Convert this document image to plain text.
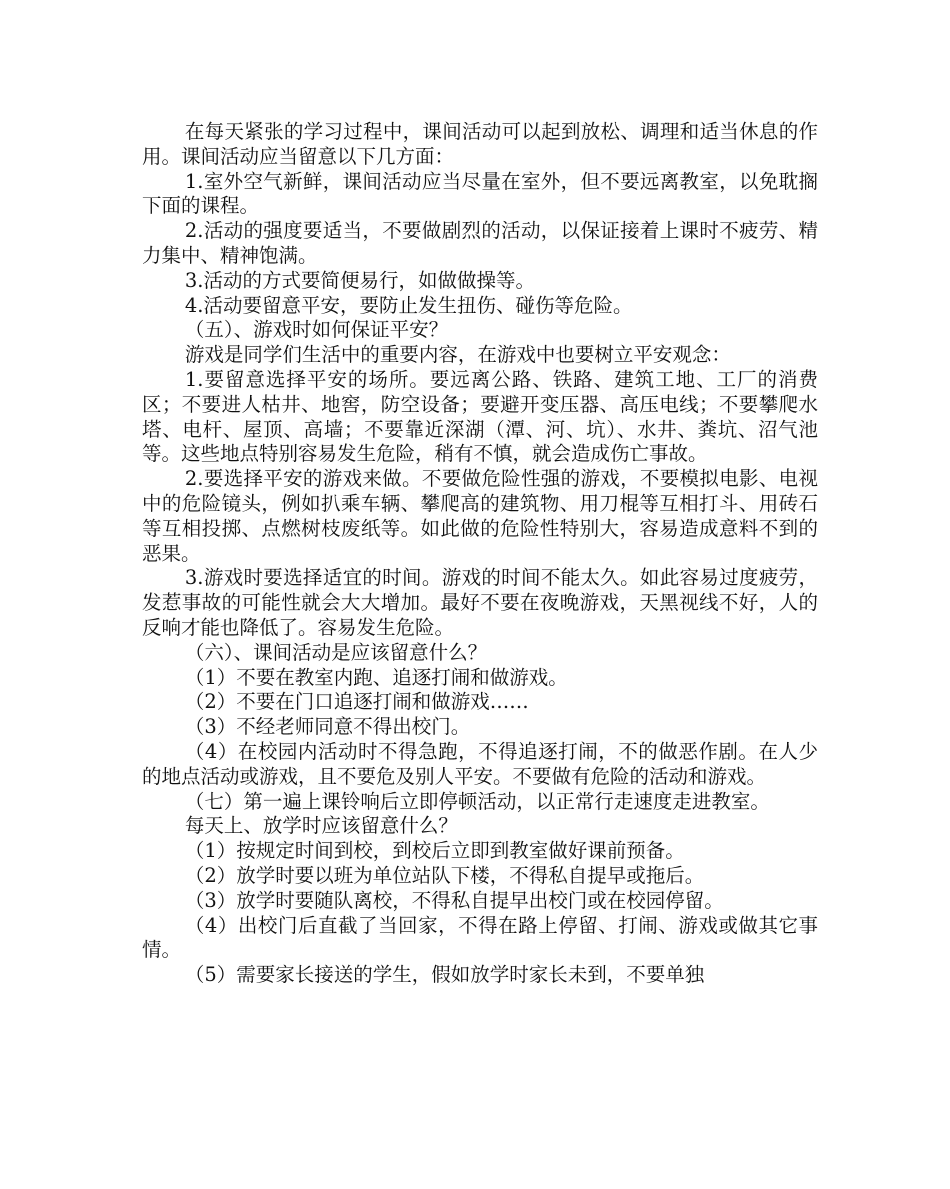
在每天紧张的学习过程中，课间活动可以起到放松、调理和适当休息的作用。课间活动应当留意以下几方面：

1.室外空气新鲜，课间活动应当尽量在室外，但不要远离教室，以免耽搁下面的课程。

2.活动的强度要适当，不要做剧烈的活动，以保证接着上课时不疲劳、精力集中、精神饱满。

3.活动的方式要简便易行，如做做操等。

4.活动要留意平安，要防止发生扭伤、碰伤等危险。

（五）、游戏时如何保证平安？

游戏是同学们生活中的重要内容，在游戏中也要树立平安观念：

1.要留意选择平安的场所。要远离公路、铁路、建筑工地、工厂的消费区；不要进人枯井、地窖，防空设备；要避开变压器、高压电线；不要攀爬水塔、电杆、屋顶、高墙；不要靠近深湖（潭、河、坑）、水井、粪坑、沼气池等。这些地点特别容易发生危险，稍有不慎，就会造成伤亡事故。

2.要选择平安的游戏来做。不要做危险性强的游戏，不要模拟电影、电视中的危险镜头，例如扒乘车辆、攀爬高的建筑物、用刀棍等互相打斗、用砖石等互相投掷、点燃树枝废纸等。如此做的危险性特别大，容易造成意料不到的恶果。

3.游戏时要选择适宜的时间。游戏的时间不能太久。如此容易过度疲劳，发惹事故的可能性就会大大增加。最好不要在夜晚游戏，天黑视线不好，人的反响才能也降低了。容易发生危险。

（六）、课间活动是应该留意什么？

（1）不要在教室内跑、追逐打闹和做游戏。

（2）不要在门口追逐打闹和做游戏……

（3）不经老师同意不得出校门。

（4）在校园内活动时不得急跑，不得追逐打闹，不的做恶作剧。在人少的地点活动或游戏，且不要危及别人平安。不要做有危险的活动和游戏。

（七）第一遍上课铃响后立即停顿活动，以正常行走速度走进教室。

每天上、放学时应该留意什么？

（1）按规定时间到校，到校后立即到教室做好课前预备。

（2）放学时要以班为单位站队下楼，不得私自提早或拖后。

（3）放学时要随队离校，不得私自提早出校门或在校园停留。

（4）出校门后直截了当回家，不得在路上停留、打闹、游戏或做其它事情。

（5）需要家长接送的学生，假如放学时家长未到，不要单独
